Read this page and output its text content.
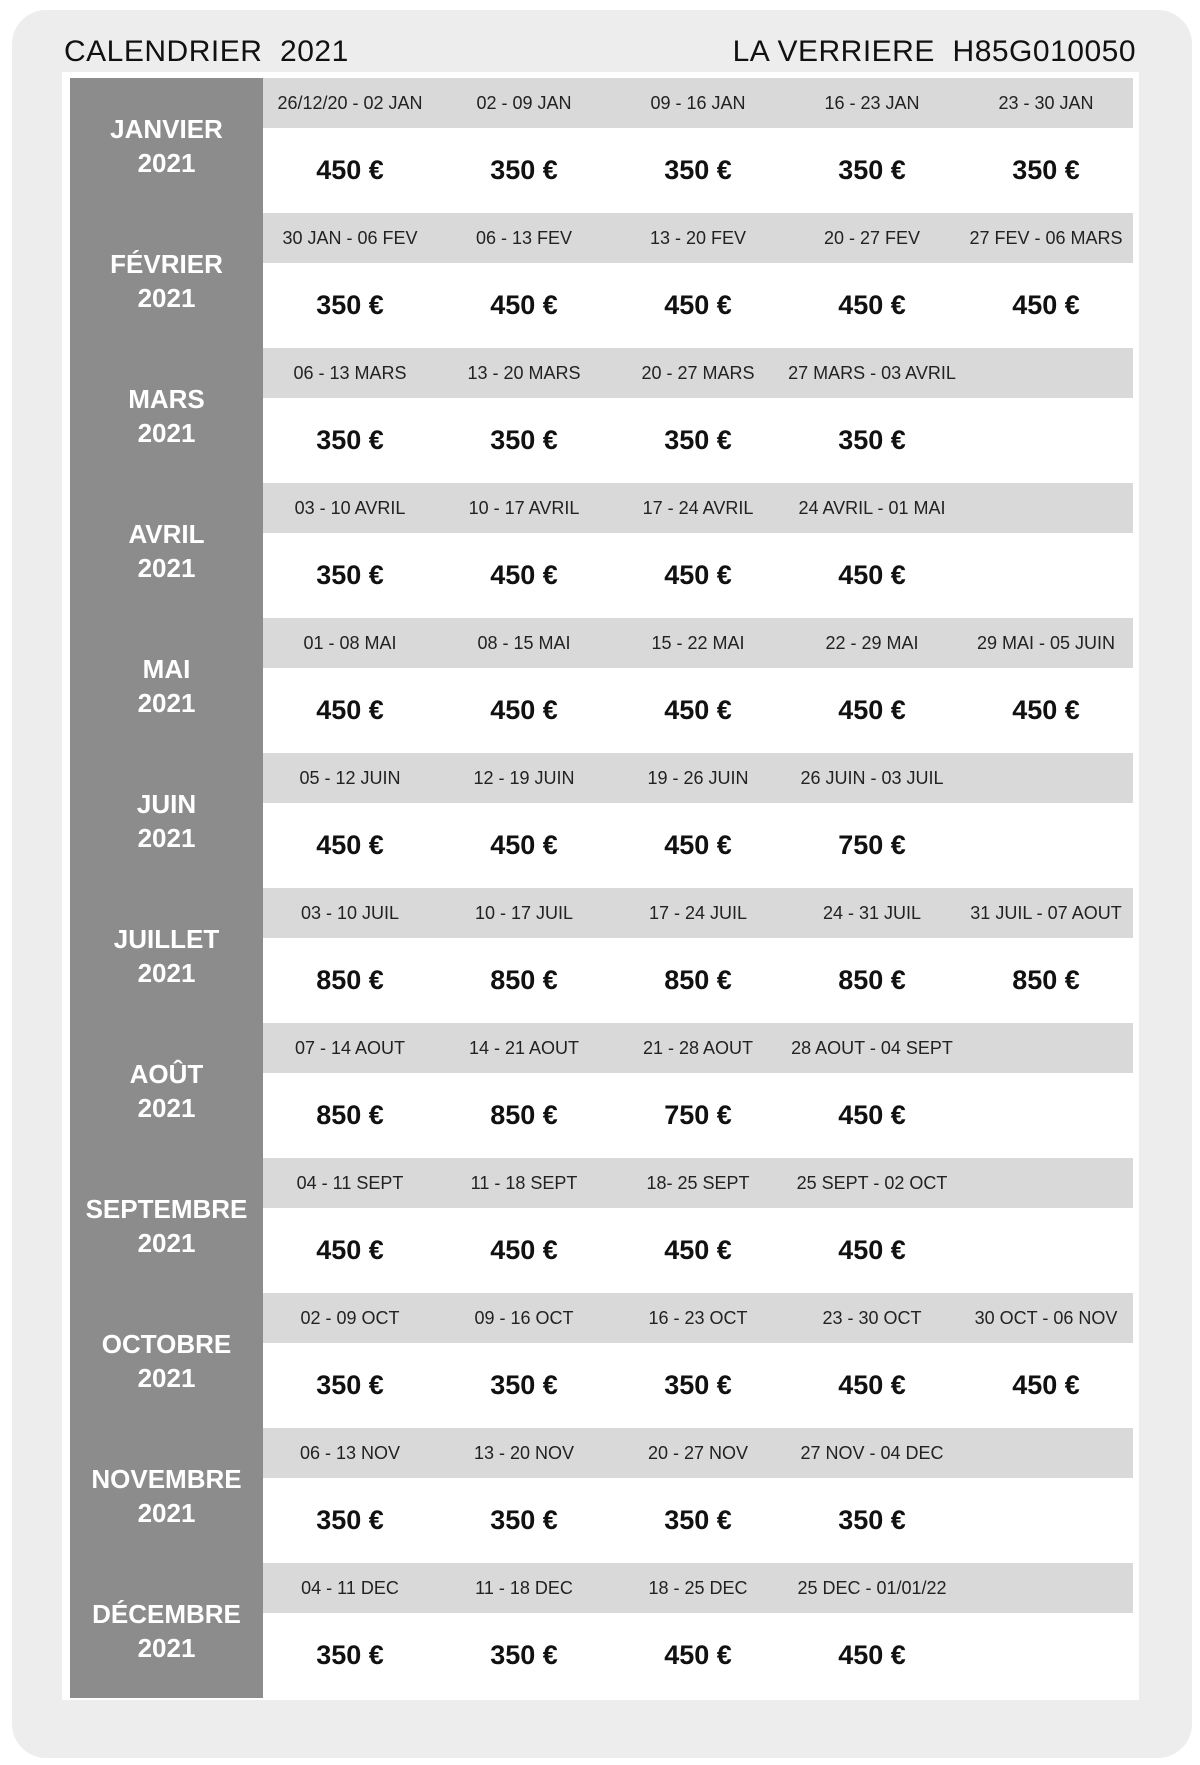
CALENDRIER  2021	LA VERRIERE  H85G010050
JANVIER
2021	26/12/20 - 02 JAN	02 - 09 JAN	09 - 16 JAN	16 - 23 JAN	23 - 30 JAN
	450 €	350 €	350 €	350 €	350 €

FÉVRIER
2021	30 JAN - 06 FEV	06 - 13 FEV	13 - 20 FEV	20 - 27 FEV	27 FEV - 06 MARS
	350 €	450 €	450 €	450 €	450 €

MARS
2021	06 - 13 MARS	13 - 20 MARS	20 - 27 MARS	27 MARS - 03 AVRIL	
	350 €	350 €	350 €	350 €	

AVRIL
2021	03 - 10 AVRIL	10 - 17 AVRIL	17 - 24 AVRIL	24 AVRIL - 01 MAI	
	350 €	450 €	450 €	450 €	

MAI
2021	01 - 08 MAI	08 - 15 MAI	15 - 22 MAI	22 - 29 MAI	29 MAI - 05 JUIN
	450 €	450 €	450 €	450 €	450 €

JUIN
2021	05 - 12 JUIN	12 - 19 JUIN	19 - 26 JUIN	26 JUIN - 03 JUIL	
	450 €	450 €	450 €	750 €	

JUILLET
2021	03 - 10 JUIL	10 - 17 JUIL	17 - 24 JUIL	24 - 31 JUIL	31 JUIL - 07 AOUT
	850 €	850 €	850 €	850 €	850 €

AOÛT
2021	07 - 14 AOUT	14 - 21 AOUT	21 - 28 AOUT	28 AOUT - 04 SEPT	
	850 €	850 €	750 €	450 €	

SEPTEMBRE
2021	04 - 11 SEPT	11 - 18 SEPT	18- 25 SEPT	25 SEPT - 02 OCT	
	450 €	450 €	450 €	450 €	

OCTOBRE
2021	02 - 09 OCT	09 - 16 OCT	16 - 23 OCT	23 - 30 OCT	30 OCT - 06 NOV
	350 €	350 €	350 €	450 €	450 €

NOVEMBRE
2021	06 - 13 NOV	13 - 20 NOV	20 - 27 NOV	27 NOV - 04 DEC	
	350 €	350 €	350 €	350 €	

DÉCEMBRE
2021	04 - 11 DEC	11 - 18 DEC	18 - 25 DEC	25 DEC - 01/01/22	
	350 €	350 €	450 €	450 €	
